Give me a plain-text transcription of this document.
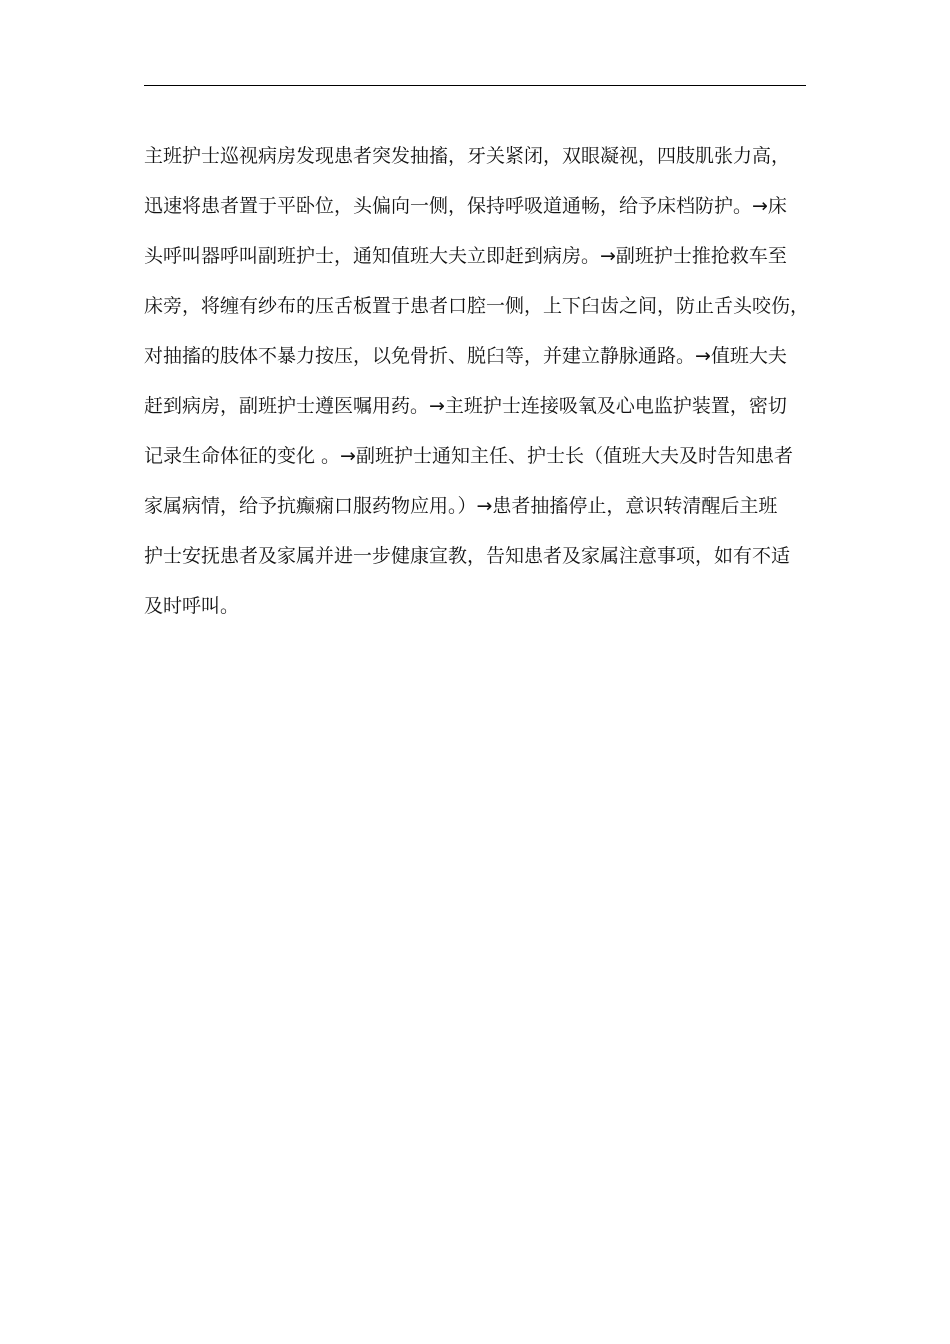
主班护士巡视病房发现患者突发抽搐，牙关紧闭，双眼凝视，四肢肌张力高，
迅速将患者置于平卧位，头偏向一侧，保持呼吸道通畅，给予床档防护。→床
头呼叫器呼叫副班护士，通知值班大夫立即赶到病房。→副班护士推抢救车至
床旁，将缠有纱布的压舌板置于患者口腔一侧，上下臼齿之间，防止舌头咬伤，
对抽搐的肢体不暴力按压，以免骨折、脱臼等，并建立静脉通路。→值班大夫
赶到病房，副班护士遵医嘱用药。→主班护士连接吸氧及心电监护装置，密切
记录生命体征的变化 。→副班护士通知主任、护士长（值班大夫及时告知患者
家属病情，给予抗癫痫口服药物应用。）→患者抽搐停止，意识转清醒后主班
护士安抚患者及家属并进一步健康宣教，告知患者及家属注意事项，如有不适
及时呼叫。
